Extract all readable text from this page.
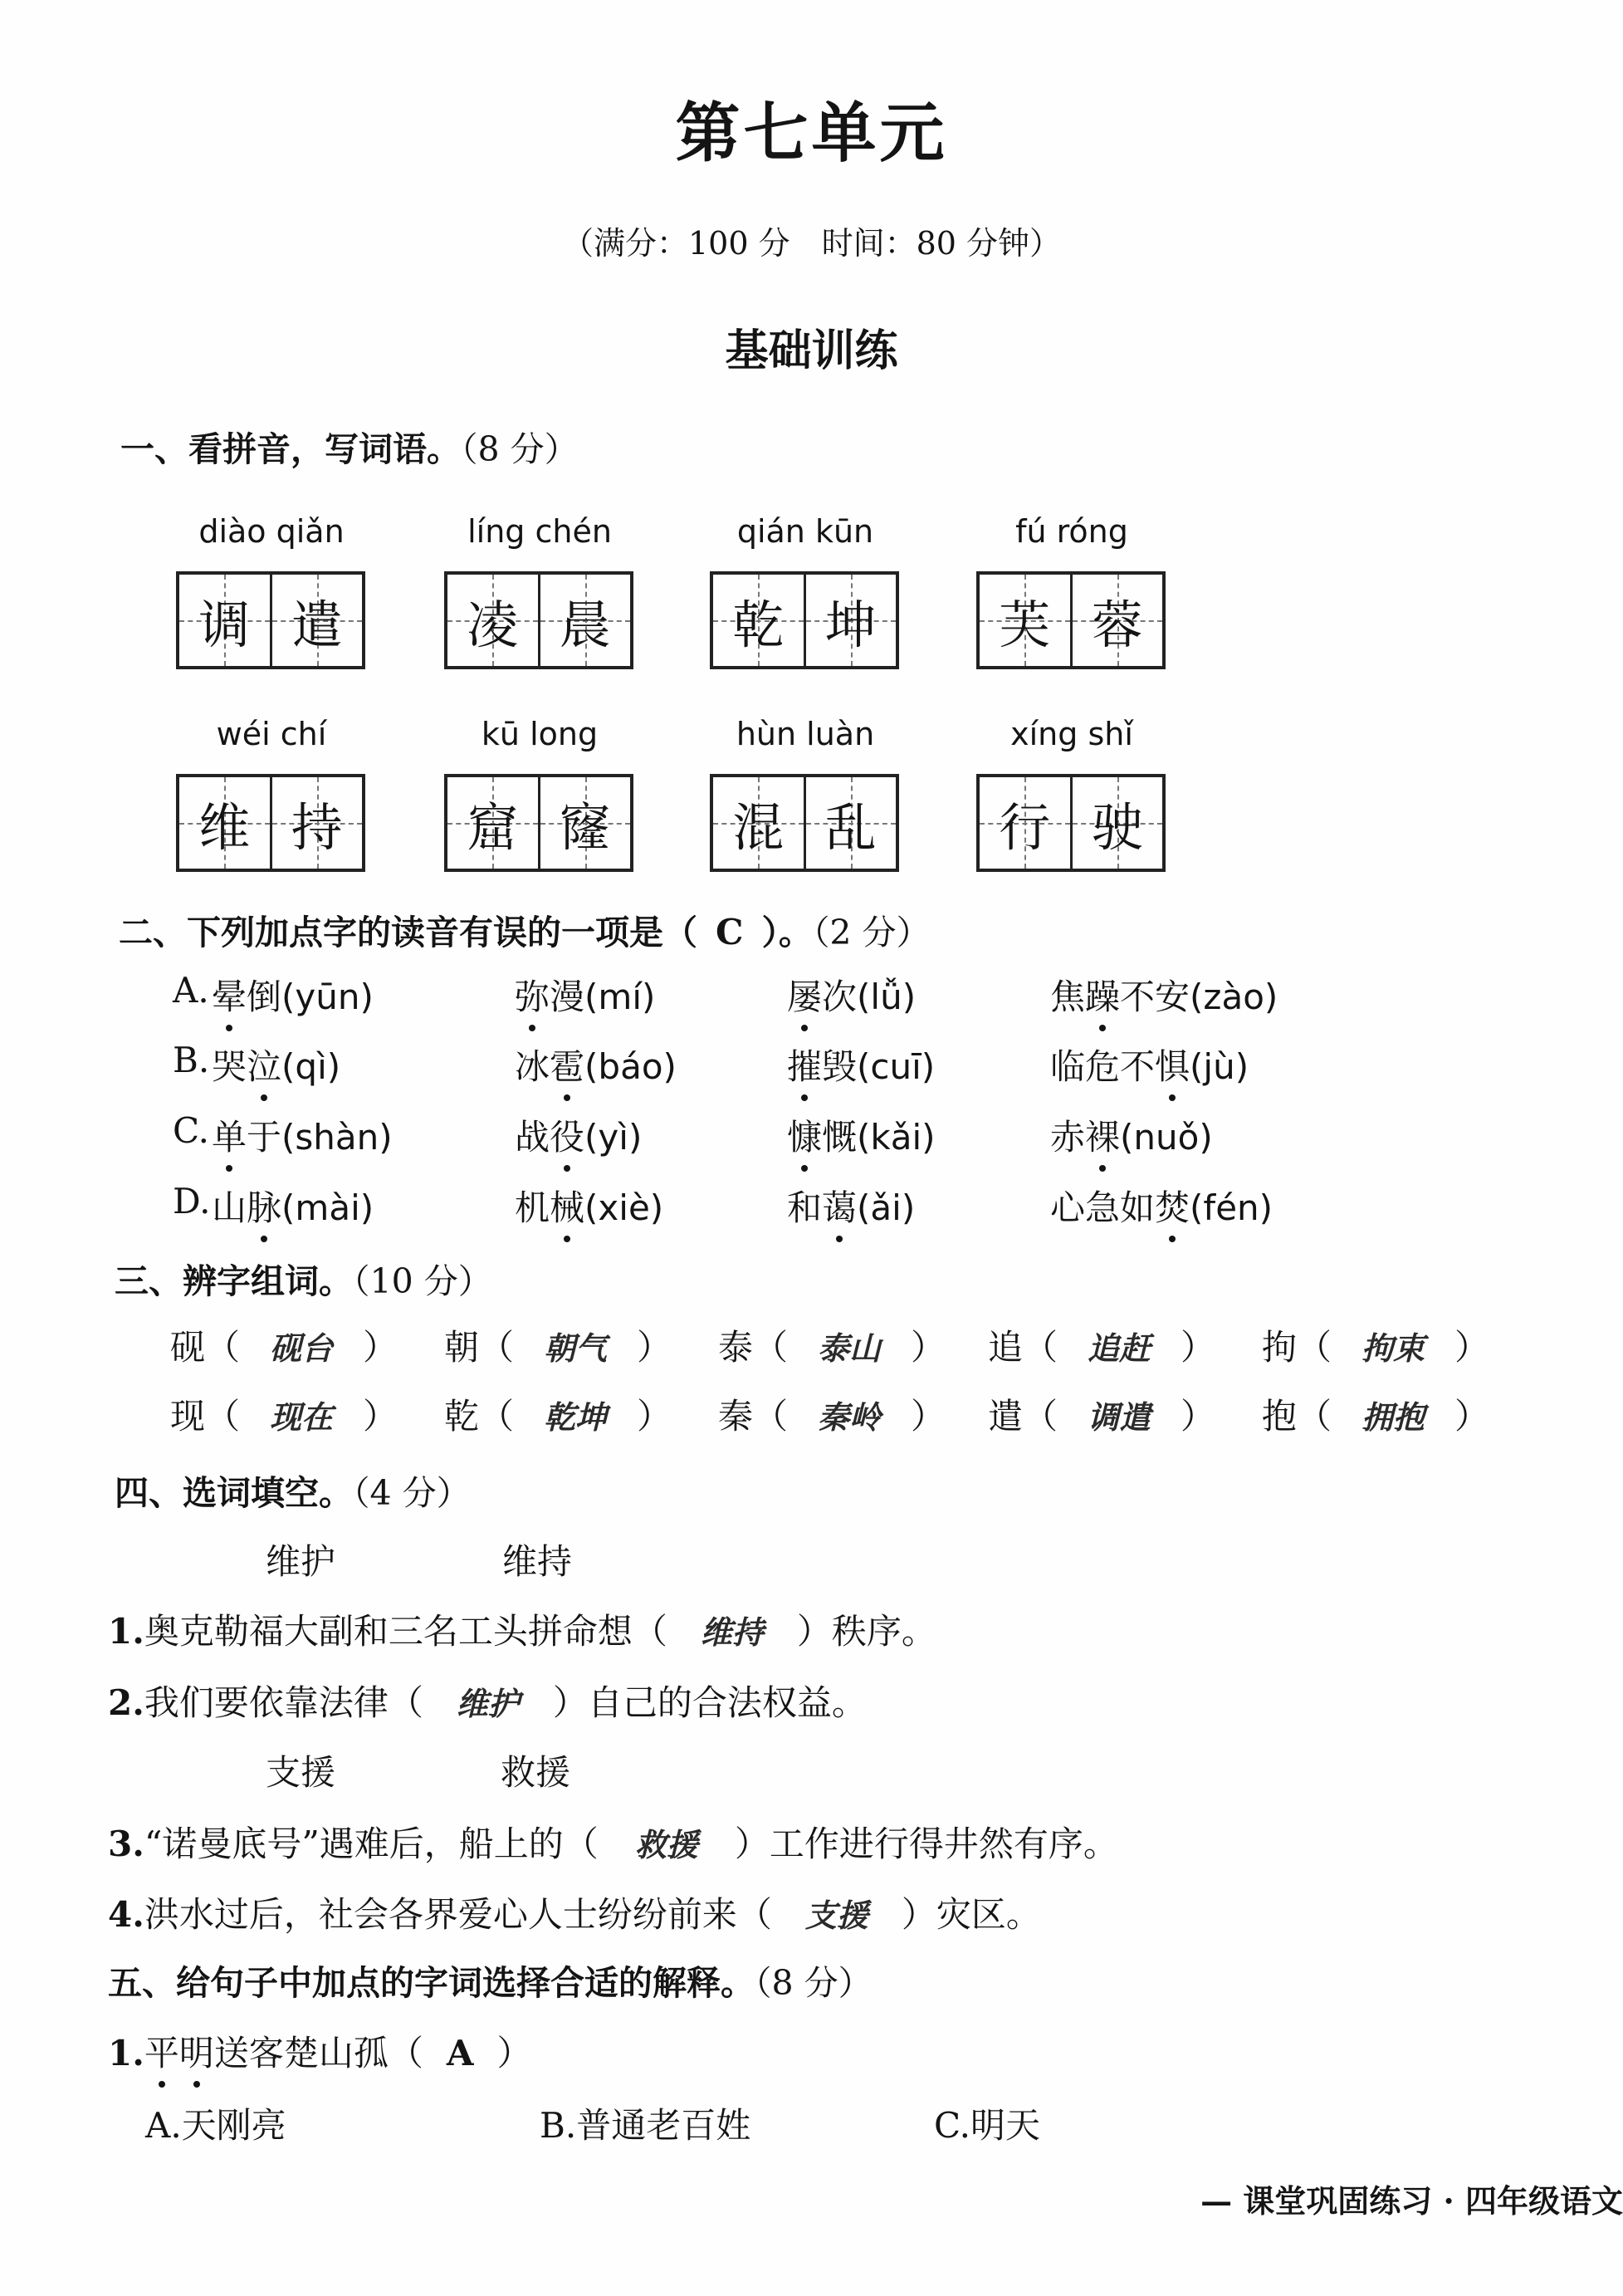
第七单元
（满分：100 分　时间：80 分钟）
基础训练
一、看拼音，写词语。（8 分）
diào qiǎn
调 遣
líng chén
凌 晨
qián kūn
乾 坤
fú róng
芙 蓉
wéi chí
维 持
kū long
窟 窿
hùn luàn
混 乱
xíng shǐ
行 驶
二、下列加点字的读音有误的一项是（ C ）。（2 分）
A. 晕倒(yūn)	弥漫(mí)	屡次(lǚ)	焦躁不安(zào)
B. 哭泣(qì)	冰雹(báo)	摧毁(cuī)	临危不惧(jù)
C. 单于(shàn)	战役(yì)	慷慨(kǎi)	赤裸(nuǒ)
D. 山脉(mài)	机械(xiè)	和蔼(ǎi)	心急如焚(fén)
三、辨字组词。（10 分）
砚（ 砚台 ） 朝（ 朝气 ） 泰（ 泰山 ） 追（ 追赶 ） 拘（ 拘束 ）
现（ 现在 ） 乾（ 乾坤 ） 秦（ 秦岭 ） 遣（ 调遣 ） 抱（ 拥抱 ）
四、选词填空。（4 分）
维护	维持
1.奥克勒福大副和三名工头拼命想（ 维持 ）秩序。
2.我们要依靠法律（ 维护 ）自己的合法权益。
支援	救援
3.“诺曼底号”遇难后，船上的（ 救援 ）工作进行得井然有序。
4.洪水过后，社会各界爱心人士纷纷前来（ 支援 ）灾区。
五、给句子中加点的字词选择合适的解释。（8 分）
1.平明送客楚山孤（ A ）
A.天刚亮	B.普通老百姓	C.明天
— 课堂巩固练习 · 四年级语文
